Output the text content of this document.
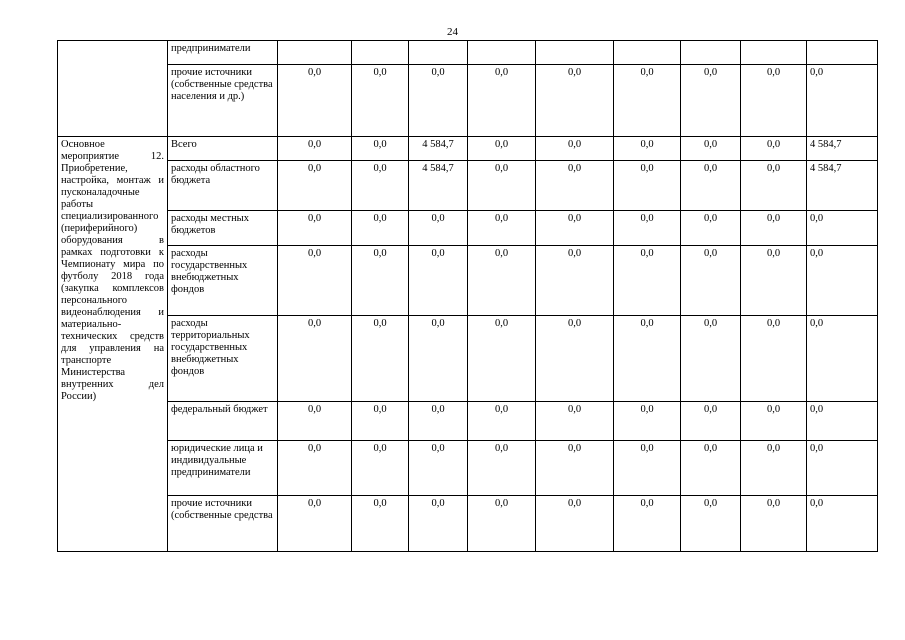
24
	предприниматели									
	прочие источники (собственные средства населения и др.)	0,0	0,0	0,0	0,0	0,0	0,0	0,0	0,0	0,0
Основное мероприятие 12. Приобретение, настройка, монтаж и пусконаладочные работы специализированного (периферийного) оборудования в рамках подготовки к Чемпионату мира по футболу 2018 года (закупка комплексов персонального видеонаблюдения и материально-технических средств для управления на транспорте Министерства внутренних дел России)	Всего	0,0	0,0	4 584,7	0,0	0,0	0,0	0,0	0,0	4 584,7
	расходы областного бюджета	0,0	0,0	4 584,7	0,0	0,0	0,0	0,0	0,0	4 584,7
	расходы местных бюджетов	0,0	0,0	0,0	0,0	0,0	0,0	0,0	0,0	0,0
	расходы государственных внебюджетных фондов	0,0	0,0	0,0	0,0	0,0	0,0	0,0	0,0	0,0
	расходы территориальных государственных внебюджетных фондов	0,0	0,0	0,0	0,0	0,0	0,0	0,0	0,0	0,0
	федеральный бюджет	0,0	0,0	0,0	0,0	0,0	0,0	0,0	0,0	0,0
	юридические лица и индивидуальные предприниматели	0,0	0,0	0,0	0,0	0,0	0,0	0,0	0,0	0,0
	прочие источники (собственные средства	0,0	0,0	0,0	0,0	0,0	0,0	0,0	0,0	0,0
